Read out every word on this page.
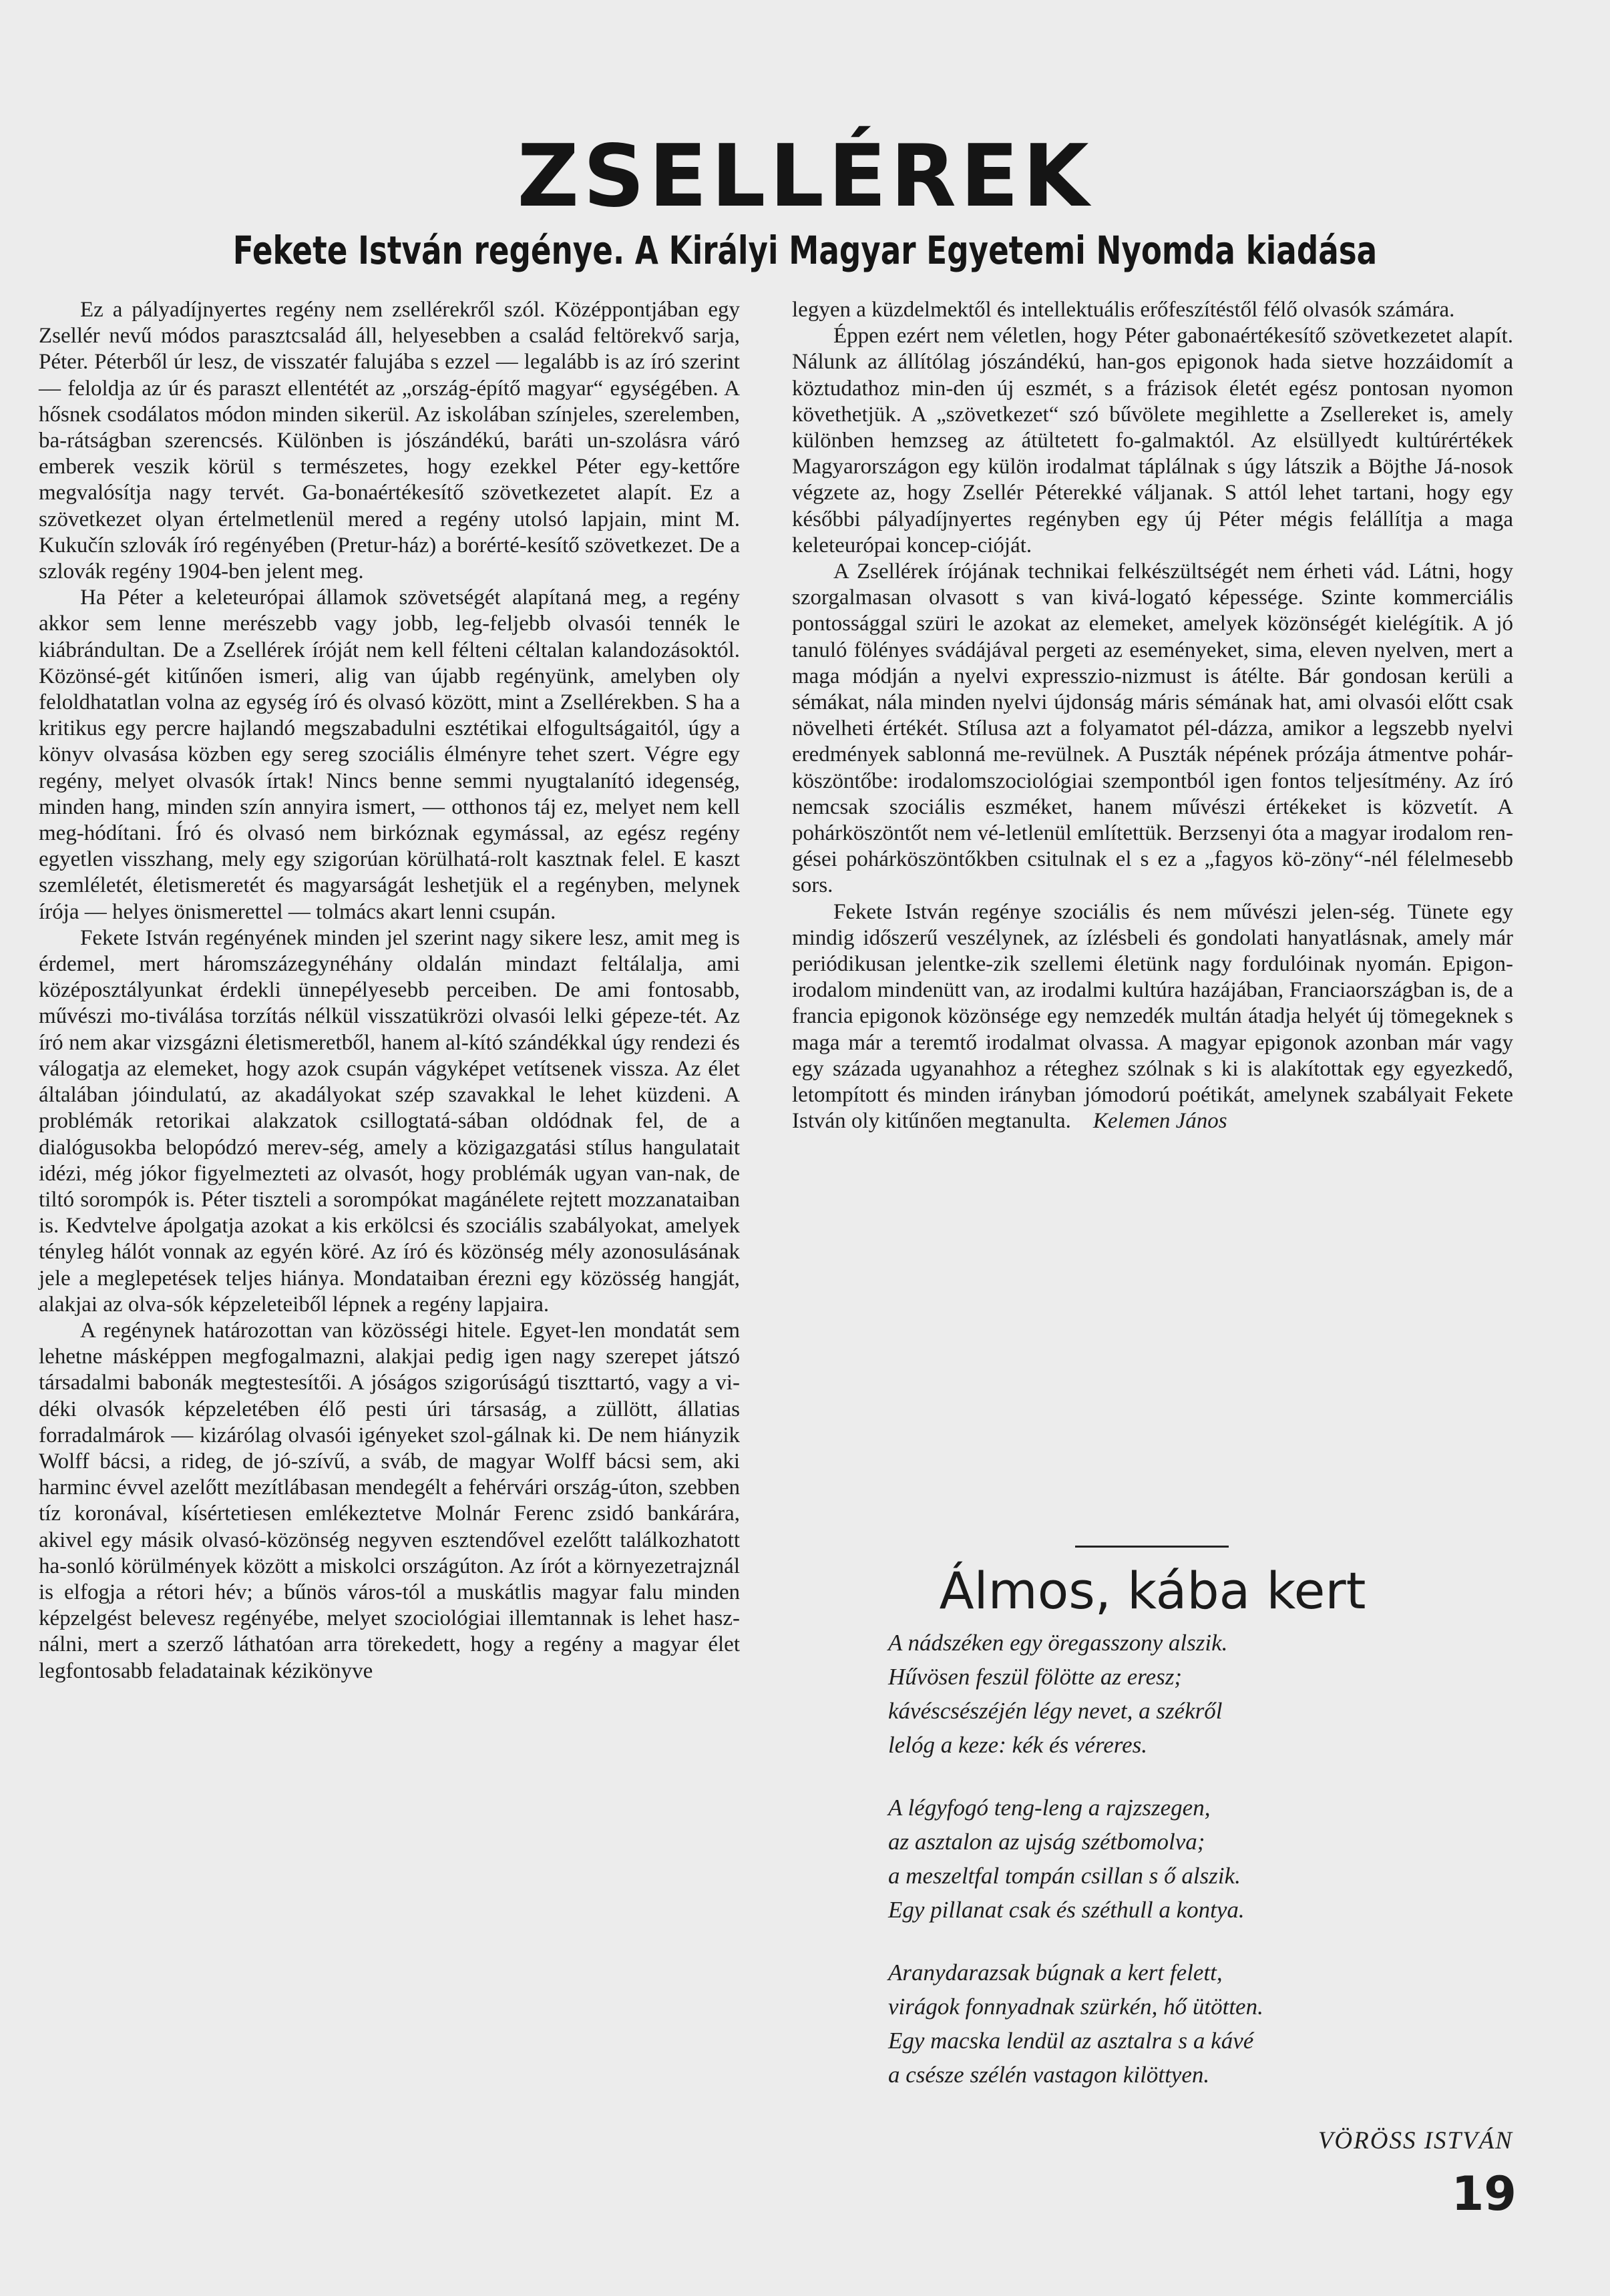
ZSELLÉREK
Fekete István regénye. A Királyi Magyar Egyetemi Nyomda kiadása

Ez a pályadíjnyertes regény nem zsellérekről szól. Középpontjában egy Zsellér nevű módos parasztcsalád áll, helyesebben a család feltörekvő sarja, Péter. Péterből úr lesz, de visszatér falujába s ezzel — legalább is az író szerint — feloldja az úr és paraszt ellentétét az „ország-építő magyar“ egységében. A hősnek csodálatos módon minden sikerül. Az iskolában színjeles, szerelemben, ba-rátságban szerencsés. Különben is jószándékú, baráti un-szolásra váró emberek veszik körül s természetes, hogy ezekkel Péter egy-kettőre megvalósítja nagy tervét. Ga-bonaértékesítő szövetkezetet alapít. Ez a szövetkezet olyan értelmetlenül mered a regény utolsó lapjain, mint M. Kukučín szlovák író regényében (Pretur-ház) a borérté-kesítő szövetkezet. De a szlovák regény 1904-ben jelent meg.

Ha Péter a keleteurópai államok szövetségét alapítaná meg, a regény akkor sem lenne merészebb vagy jobb, leg-feljebb olvasói tennék le kiábrándultan. De a Zsellérek íróját nem kell félteni céltalan kalandozásoktól. Közönsé-gét kitűnően ismeri, alig van újabb regényünk, amelyben oly feloldhatatlan volna az egység író és olvasó között, mint a Zsellérekben. S ha a kritikus egy percre hajlandó megszabadulni esztétikai elfogultságaitól, úgy a könyv olvasása közben egy sereg szociális élményre tehet szert. Végre egy regény, melyet olvasók írtak! Nincs benne semmi nyugtalanító idegenség, minden hang, minden szín annyira ismert, — otthonos táj ez, melyet nem kell meg-hódítani. Író és olvasó nem birkóznak egymással, az egész regény egyetlen visszhang, mely egy szigorúan körülhatá-rolt kasztnak felel. E kaszt szemléletét, életismeretét és magyarságát leshetjük el a regényben, melynek írója — helyes önismerettel — tolmács akart lenni csupán.

Fekete István regényének minden jel szerint nagy sikere lesz, amit meg is érdemel, mert háromszázegynéhány oldalán mindazt feltálalja, ami középosztályunkat érdekli ünnepélyesebb perceiben. De ami fontosabb, művészi mo-tiválása torzítás nélkül visszatükrözi olvasói lelki gépeze-tét. Az író nem akar vizsgázni életismeretből, hanem al-kító szándékkal úgy rendezi és válogatja az elemeket, hogy azok csupán vágyképet vetítsenek vissza. Az élet általában jóindulatú, az akadályokat szép szavakkal le lehet küzdeni. A problémák retorikai alakzatok csillogtatá-sában oldódnak fel, de a dialógusokba belopódzó merev-ség, amely a közigazgatási stílus hangulatait idézi, még jókor figyelmezteti az olvasót, hogy problémák ugyan van-nak, de tiltó sorompók is. Péter tiszteli a sorompókat magánélete rejtett mozzanataiban is. Kedvtelve ápolgatja azokat a kis erkölcsi és szociális szabályokat, amelyek tényleg hálót vonnak az egyén köré. Az író és közönség mély azonosulásának jele a meglepetések teljes hiánya. Mondataiban érezni egy közösség hangját, alakjai az olva-sók képzeleteiből lépnek a regény lapjaira.

A regénynek határozottan van közösségi hitele. Egyet-len mondatát sem lehetne másképpen megfogalmazni, alakjai pedig igen nagy szerepet játszó társadalmi babonák megtestesítői. A jóságos szigorúságú tiszttartó, vagy a vi-déki olvasók képzeletében élő pesti úri társaság, a züllött, állatias forradalmárok — kizárólag olvasói igényeket szol-gálnak ki. De nem hiányzik Wolff bácsi, a rideg, de jó-szívű, a sváb, de magyar Wolff bácsi sem, aki harminc évvel azelőtt mezítlábasan mendegélt a fehérvári ország-úton, szebben tíz koronával, kísértetiesen emlékeztetve Molnár Ferenc zsidó bankárára, akivel egy másik olvasó-közönség negyven esztendővel ezelőtt találkozhatott ha-sonló körülmények között a miskolci országúton. Az írót a környezetrajznál is elfogja a rétori hév; a bűnös város-tól a muskátlis magyar falu minden képzelgést belevesz regényébe, melyet szociológiai illemtannak is lehet hasz-nálni, mert a szerző láthatóan arra törekedett, hogy a regény a magyar élet legfontosabb feladatainak kézikönyve

legyen a küzdelmektől és intellektuális erőfeszítéstől félő olvasók számára.

Éppen ezért nem véletlen, hogy Péter gabonaértékesítő szövetkezetet alapít. Nálunk az állítólag jószándékú, han-gos epigonok hada sietve hozzáidomít a köztudathoz min-den új eszmét, s a frázisok életét egész pontosan nyomon követhetjük. A „szövetkezet“ szó bűvölete megihlette a Zsellereket is, amely különben hemzseg az átültetett fo-galmaktól. Az elsüllyedt kultúrértékek Magyarországon egy külön irodalmat táplálnak s úgy látszik a Böjthe Já-nosok végzete az, hogy Zsellér Péterekké váljanak. S attól lehet tartani, hogy egy későbbi pályadíjnyertes regényben egy új Péter mégis felállítja a maga keleteurópai koncep-cióját.

A Zsellérek írójának technikai felkészültségét nem érheti vád. Látni, hogy szorgalmasan olvasott s van kivá-logató képessége. Szinte kommerciális pontossággal szüri le azokat az elemeket, amelyek közönségét kielégítik. A jó tanuló fölényes svádájával pergeti az eseményeket, sima, eleven nyelven, mert a maga módján a nyelvi expresszio-nizmust is átélte. Bár gondosan kerüli a sémákat, nála minden nyelvi újdonság máris sémának hat, ami olvasói előtt csak növelheti értékét. Stílusa azt a folyamatot pél-dázza, amikor a legszebb nyelvi eredmények sablonná me-revülnek. A Puszták népének prózája átmentve pohár-köszöntőbe: irodalomszociológiai szempontból igen fontos teljesítmény. Az író nemcsak szociális eszméket, hanem művészi értékeket is közvetít. A pohárköszöntőt nem vé-letlenül említettük. Berzsenyi óta a magyar irodalom ren-gései pohárköszöntőkben csitulnak el s ez a „fagyos kö-zöny“-nél félelmesebb sors.

Fekete István regénye szociális és nem művészi jelen-ség. Tünete egy mindig időszerű veszélynek, az ízlésbeli és gondolati hanyatlásnak, amely már periódikusan jelentke-zik szellemi életünk nagy fordulóinak nyomán. Epigon-irodalom mindenütt van, az irodalmi kultúra hazájában, Franciaországban is, de a francia epigonok közönsége egy nemzedék multán átadja helyét új tömegeknek s maga már a teremtő irodalmat olvassa. A magyar epigonok azonban már vagy egy százada ugyanahhoz a réteghez szólnak s ki is alakítottak egy egyezkedő, letompított és minden irányban jómodorú poétikát, amelynek szabályait Fekete István oly kitűnően megtanulta. Kelemen János

Álmos, kába kert
A nádszéken egy öregasszony alszik.
Hűvösen feszül fölötte az eresz;
kávéscsészéjén légy nevet, a székről
lelóg a keze: kék és véreres.
A légyfogó teng-leng a rajzszegen,
az asztalon az ujság szétbomolva;
a meszeltfal tompán csillan s ő alszik.
Egy pillanat csak és széthull a kontya.
Aranydarazsak búgnak a kert felett,
virágok fonnyadnak szürkén, hő ütötten.
Egy macska lendül az asztalra s a kávé
a csésze szélén vastagon kilöttyen.
VÖRÖSS ISTVÁN
19
